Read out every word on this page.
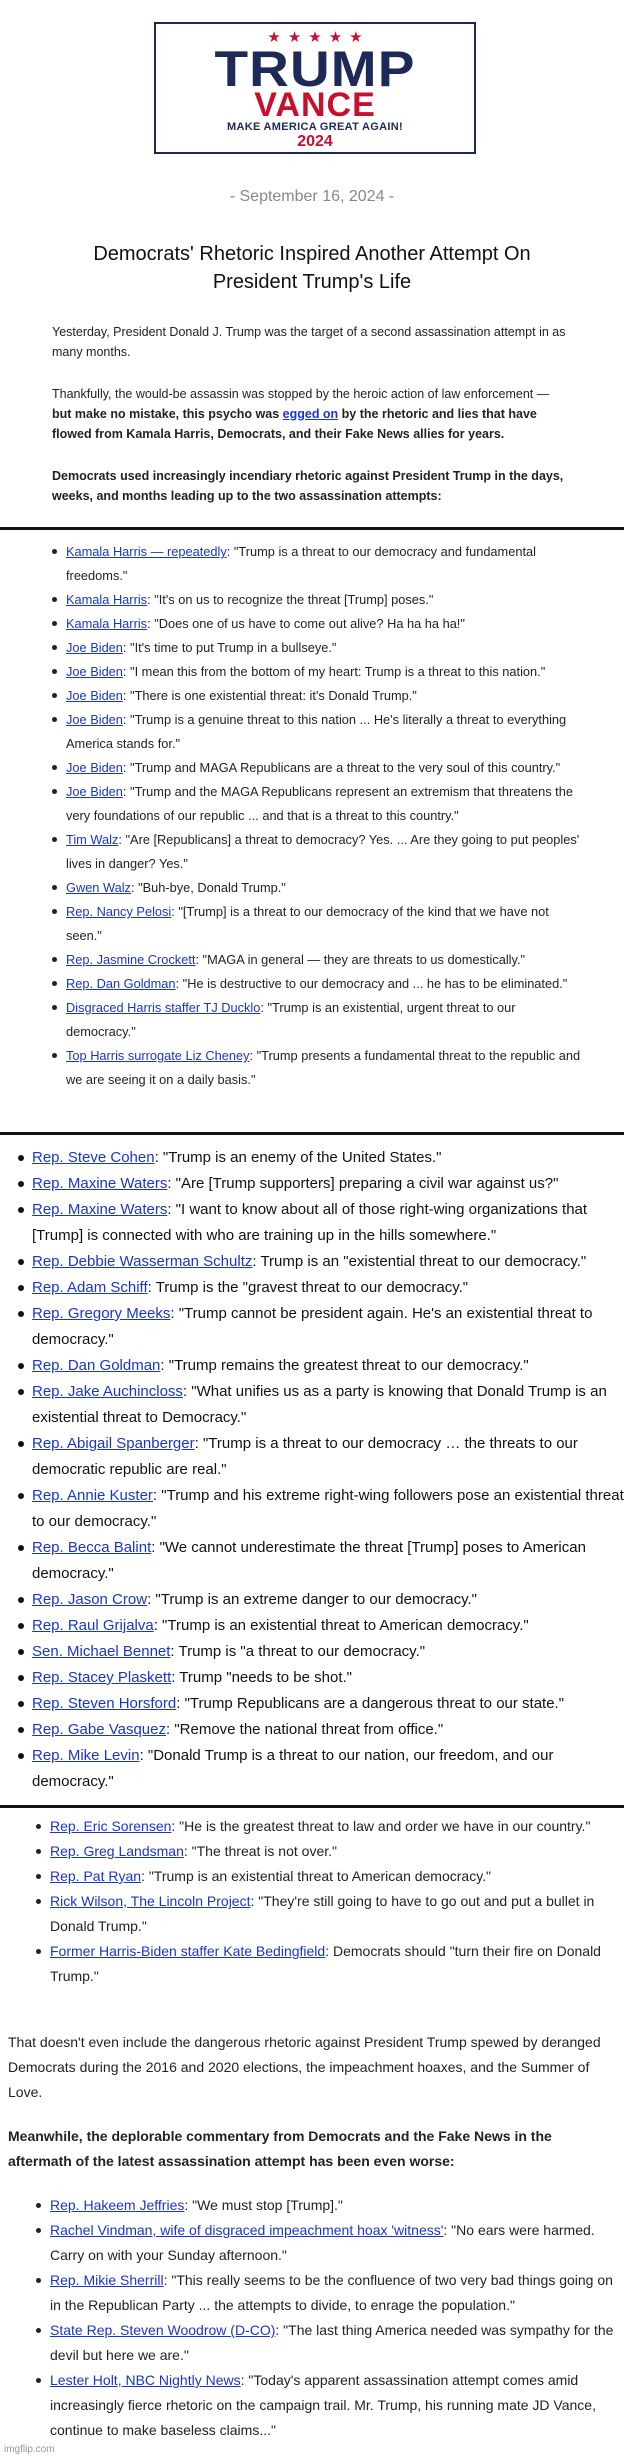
★ ★ ★ ★ ★
TRUMP
VANCE
MAKE AMERICA GREAT AGAIN!
2024
- September 16, 2024 -
Democrats' Rhetoric Inspired Another Attempt On President Trump's Life

Yesterday, President Donald J. Trump was the target of a second assassination attempt in as many months.

Thankfully, the would-be assassin was stopped by the heroic action of law enforcement — but make no mistake, this psycho was egged on by the rhetoric and lies that have flowed from Kamala Harris, Democrats, and their Fake News allies for years.

Democrats used increasingly incendiary rhetoric against President Trump in the days, weeks, and months leading up to the two assassination attempts:

Kamala Harris — repeatedly: "Trump is a threat to our democracy and fundamental freedoms."
Kamala Harris: "It's on us to recognize the threat [Trump] poses."
Kamala Harris: "Does one of us have to come out alive? Ha ha ha ha!"
Joe Biden: "It's time to put Trump in a bullseye."
Joe Biden: "I mean this from the bottom of my heart: Trump is a threat to this nation."
Joe Biden: "There is one existential threat: it's Donald Trump."
Joe Biden: "Trump is a genuine threat to this nation ... He's literally a threat to everything America stands for."
Joe Biden: "Trump and MAGA Republicans are a threat to the very soul of this country."
Joe Biden: "Trump and the MAGA Republicans represent an extremism that threatens the very foundations of our republic ... and that is a threat to this country."
Tim Walz: "Are [Republicans] a threat to democracy? Yes. ... Are they going to put peoples' lives in danger? Yes."
Gwen Walz: "Buh-bye, Donald Trump."
Rep. Nancy Pelosi: "[Trump] is a threat to our democracy of the kind that we have not seen."
Rep. Jasmine Crockett: "MAGA in general — they are threats to us domestically."
Rep. Dan Goldman: "He is destructive to our democracy and ... he has to be eliminated."
Disgraced Harris staffer TJ Ducklo: "Trump is an existential, urgent threat to our democracy."
Top Harris surrogate Liz Cheney: "Trump presents a fundamental threat to the republic and we are seeing it on a daily basis."
Rep. Steve Cohen: "Trump is an enemy of the United States."
Rep. Maxine Waters: "Are [Trump supporters] preparing a civil war against us?"
Rep. Maxine Waters: "I want to know about all of those right-wing organizations that [Trump] is connected with who are training up in the hills somewhere."
Rep. Debbie Wasserman Schultz: Trump is an "existential threat to our democracy."
Rep. Adam Schiff: Trump is the "gravest threat to our democracy."
Rep. Gregory Meeks: "Trump cannot be president again. He's an existential threat to democracy."
Rep. Dan Goldman: "Trump remains the greatest threat to our democracy."
Rep. Jake Auchincloss: "What unifies us as a party is knowing that Donald Trump is an existential threat to Democracy."
Rep. Abigail Spanberger: "Trump is a threat to our democracy … the threats to our democratic republic are real."
Rep. Annie Kuster: "Trump and his extreme right-wing followers pose an existential threat to our democracy."
Rep. Becca Balint: "We cannot underestimate the threat [Trump] poses to American democracy."
Rep. Jason Crow: "Trump is an extreme danger to our democracy."
Rep. Raul Grijalva: "Trump is an existential threat to American democracy."
Sen. Michael Bennet: Trump is "a threat to our democracy."
Rep. Stacey Plaskett: Trump "needs to be shot."
Rep. Steven Horsford: "Trump Republicans are a dangerous threat to our state."
Rep. Gabe Vasquez: "Remove the national threat from office."
Rep. Mike Levin: "Donald Trump is a threat to our nation, our freedom, and our democracy."
Rep. Eric Sorensen: "He is the greatest threat to law and order we have in our country."
Rep. Greg Landsman: "The threat is not over."
Rep. Pat Ryan: "Trump is an existential threat to American democracy."
Rick Wilson, The Lincoln Project: "They're still going to have to go out and put a bullet in Donald Trump."
Former Harris-Biden staffer Kate Bedingfield: Democrats should "turn their fire on Donald Trump."

That doesn't even include the dangerous rhetoric against President Trump spewed by deranged Democrats during the 2016 and 2020 elections, the impeachment hoaxes, and the Summer of Love.

Meanwhile, the deplorable commentary from Democrats and the Fake News in the aftermath of the latest assassination attempt has been even worse:

Rep. Hakeem Jeffries: "We must stop [Trump]."
Rachel Vindman, wife of disgraced impeachment hoax 'witness': "No ears were harmed. Carry on with your Sunday afternoon."
Rep. Mikie Sherrill: "This really seems to be the confluence of two very bad things going on in the Republican Party ... the attempts to divide, to enrage the population."
State Rep. Steven Woodrow (D-CO): "The last thing America needed was sympathy for the devil but here we are."
Lester Holt, NBC Nightly News: "Today's apparent assassination attempt comes amid increasingly fierce rhetoric on the campaign trail. Mr. Trump, his running mate JD Vance, continue to make baseless claims..."
imgflip.com
